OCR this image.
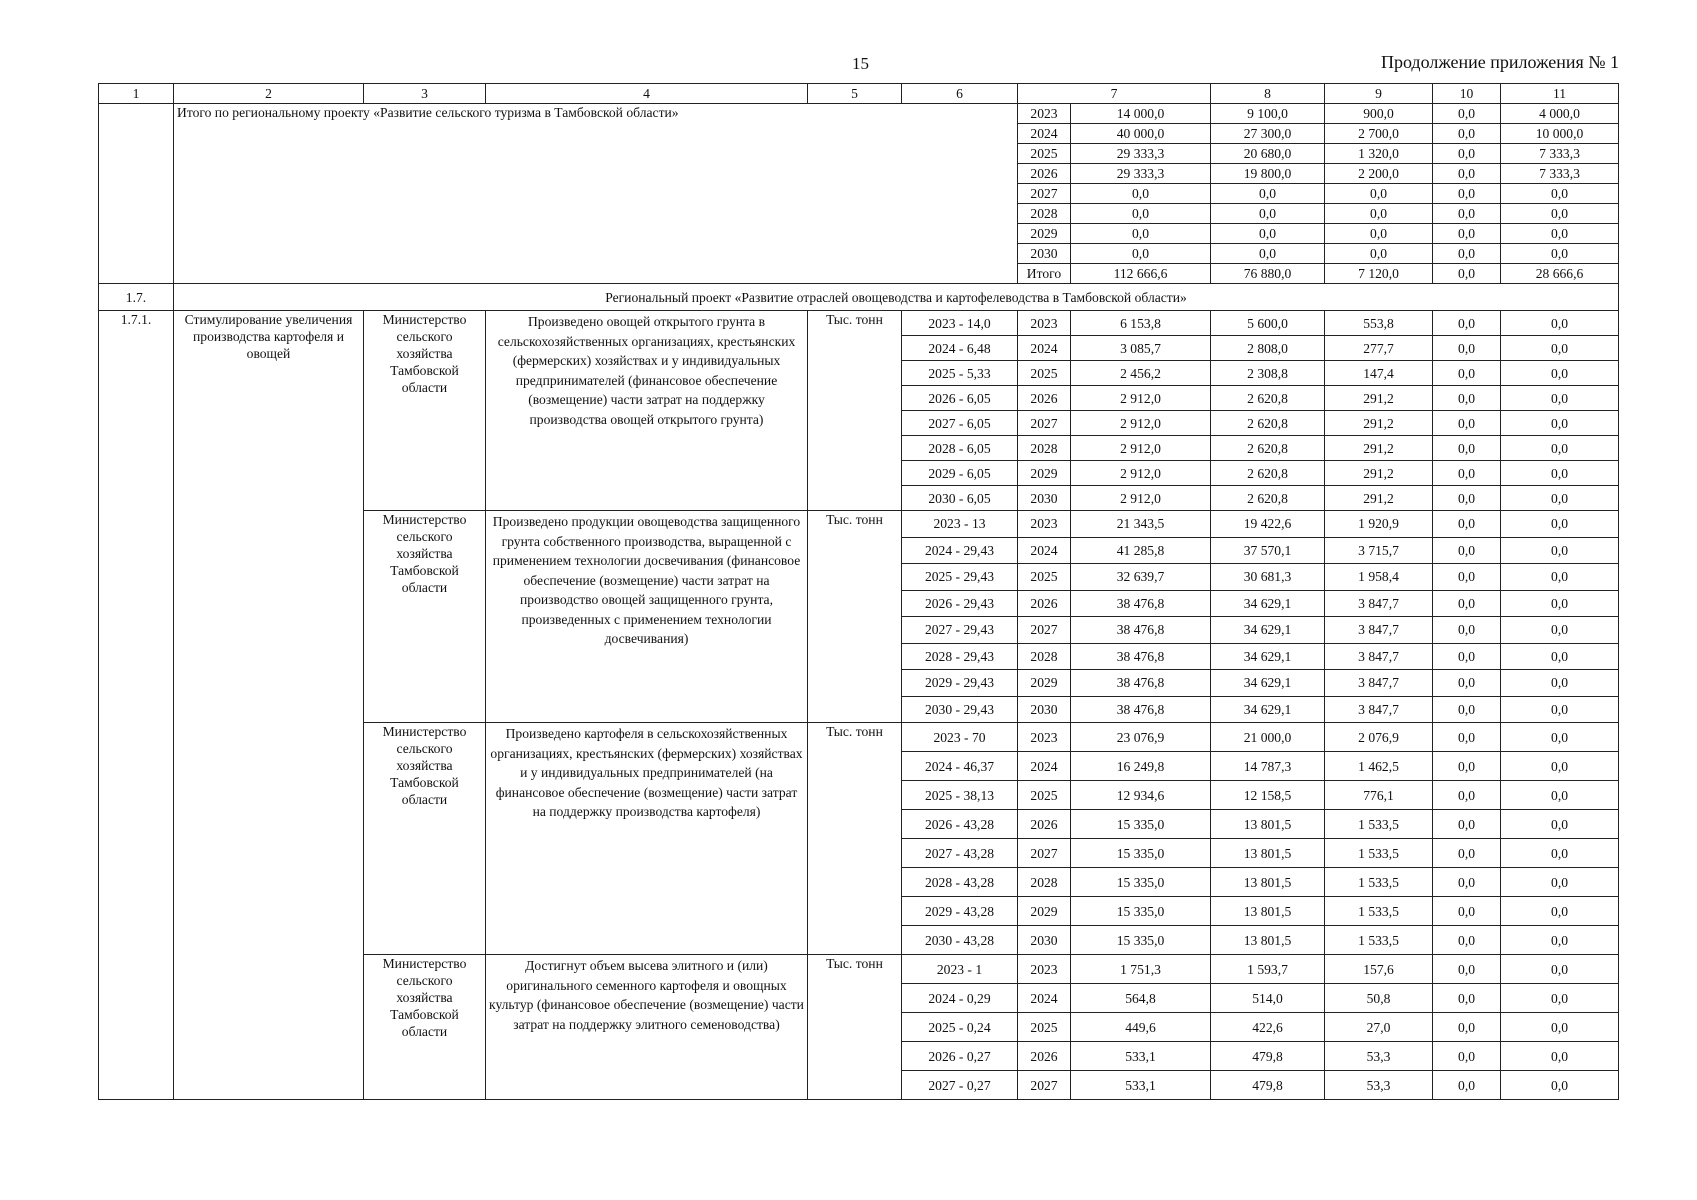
15	Продолжение приложения № 1
1	2	3	4	5	6	7		8	9	10	11
	Итого по региональному проекту «Развитие сельского туризма в Тамбовской области»					2023	14 000,0	9 100,0	900,0	0,0	4 000,0
						2024	40 000,0	27 300,0	2 700,0	0,0	10 000,0
						2025	29 333,3	20 680,0	1 320,0	0,0	7 333,3
						2026	29 333,3	19 800,0	2 200,0	0,0	7 333,3
						2027	0,0	0,0	0,0	0,0	0,0
						2028	0,0	0,0	0,0	0,0	0,0
						2029	0,0	0,0	0,0	0,0	0,0
						2030	0,0	0,0	0,0	0,0	0,0
						Итого	112 666,6	76 880,0	7 120,0	0,0	28 666,6
1.7.	Региональный проект «Развитие отраслей овощеводства и картофелеводства в Тамбовской области»										
1.7.1.	Стимулирование увеличения производства картофеля и овощей	Министерство сельского хозяйства Тамбовской области	Произведено овощей открытого грунта в сельскохозяйственных организациях, крестьянских (фермерских) хозяйствах и у индивидуальных предпринимателей (финансовое обеспечение (возмещение) части затрат на поддержку производства овощей открытого грунта)	Тыс. тонн	2023 - 14,0	2023	6 153,8	5 600,0	553,8	0,0	0,0
					2024 - 6,48	2024	3 085,7	2 808,0	277,7	0,0	0,0
					2025 - 5,33	2025	2 456,2	2 308,8	147,4	0,0	0,0
					2026 - 6,05	2026	2 912,0	2 620,8	291,2	0,0	0,0
					2027 - 6,05	2027	2 912,0	2 620,8	291,2	0,0	0,0
					2028 - 6,05	2028	2 912,0	2 620,8	291,2	0,0	0,0
					2029 - 6,05	2029	2 912,0	2 620,8	291,2	0,0	0,0
					2030 - 6,05	2030	2 912,0	2 620,8	291,2	0,0	0,0
		Министерство сельского хозяйства Тамбовской области	Произведено продукции овощеводства защищенного грунта собственного производства, выращенной с применением технологии досвечивания (финансовое обеспечение (возмещение) части затрат на производство овощей защищенного грунта, произведенных с применением технологии досвечивания)	Тыс. тонн	2023 - 13	2023	21 343,5	19 422,6	1 920,9	0,0	0,0
					2024 - 29,43	2024	41 285,8	37 570,1	3 715,7	0,0	0,0
					2025 - 29,43	2025	32 639,7	30 681,3	1 958,4	0,0	0,0
					2026 - 29,43	2026	38 476,8	34 629,1	3 847,7	0,0	0,0
					2027 - 29,43	2027	38 476,8	34 629,1	3 847,7	0,0	0,0
					2028 - 29,43	2028	38 476,8	34 629,1	3 847,7	0,0	0,0
					2029 - 29,43	2029	38 476,8	34 629,1	3 847,7	0,0	0,0
					2030 - 29,43	2030	38 476,8	34 629,1	3 847,7	0,0	0,0
		Министерство сельского хозяйства Тамбовской области	Произведено картофеля в сельскохозяйственных организациях, крестьянских (фермерских) хозяйствах и у индивидуальных предпринимателей (на финансовое обеспечение (возмещение) части затрат на поддержку производства картофеля)	Тыс. тонн	2023 - 70	2023	23 076,9	21 000,0	2 076,9	0,0	0,0
					2024 - 46,37	2024	16 249,8	14 787,3	1 462,5	0,0	0,0
					2025 - 38,13	2025	12 934,6	12 158,5	776,1	0,0	0,0
					2026 - 43,28	2026	15 335,0	13 801,5	1 533,5	0,0	0,0
					2027 - 43,28	2027	15 335,0	13 801,5	1 533,5	0,0	0,0
					2028 - 43,28	2028	15 335,0	13 801,5	1 533,5	0,0	0,0
					2029 - 43,28	2029	15 335,0	13 801,5	1 533,5	0,0	0,0
					2030 - 43,28	2030	15 335,0	13 801,5	1 533,5	0,0	0,0
		Министерство сельского хозяйства Тамбовской области	Достигнут объем высева элитного и (или) оригинального семенного картофеля и овощных культур (финансовое обеспечение (возмещение) части затрат на поддержку элитного семеноводства)	Тыс. тонн	2023 - 1	2023	1 751,3	1 593,7	157,6	0,0	0,0
					2024 - 0,29	2024	564,8	514,0	50,8	0,0	0,0
					2025 - 0,24	2025	449,6	422,6	27,0	0,0	0,0
					2026 - 0,27	2026	533,1	479,8	53,3	0,0	0,0
					2027 - 0,27	2027	533,1	479,8	53,3	0,0	0,0
